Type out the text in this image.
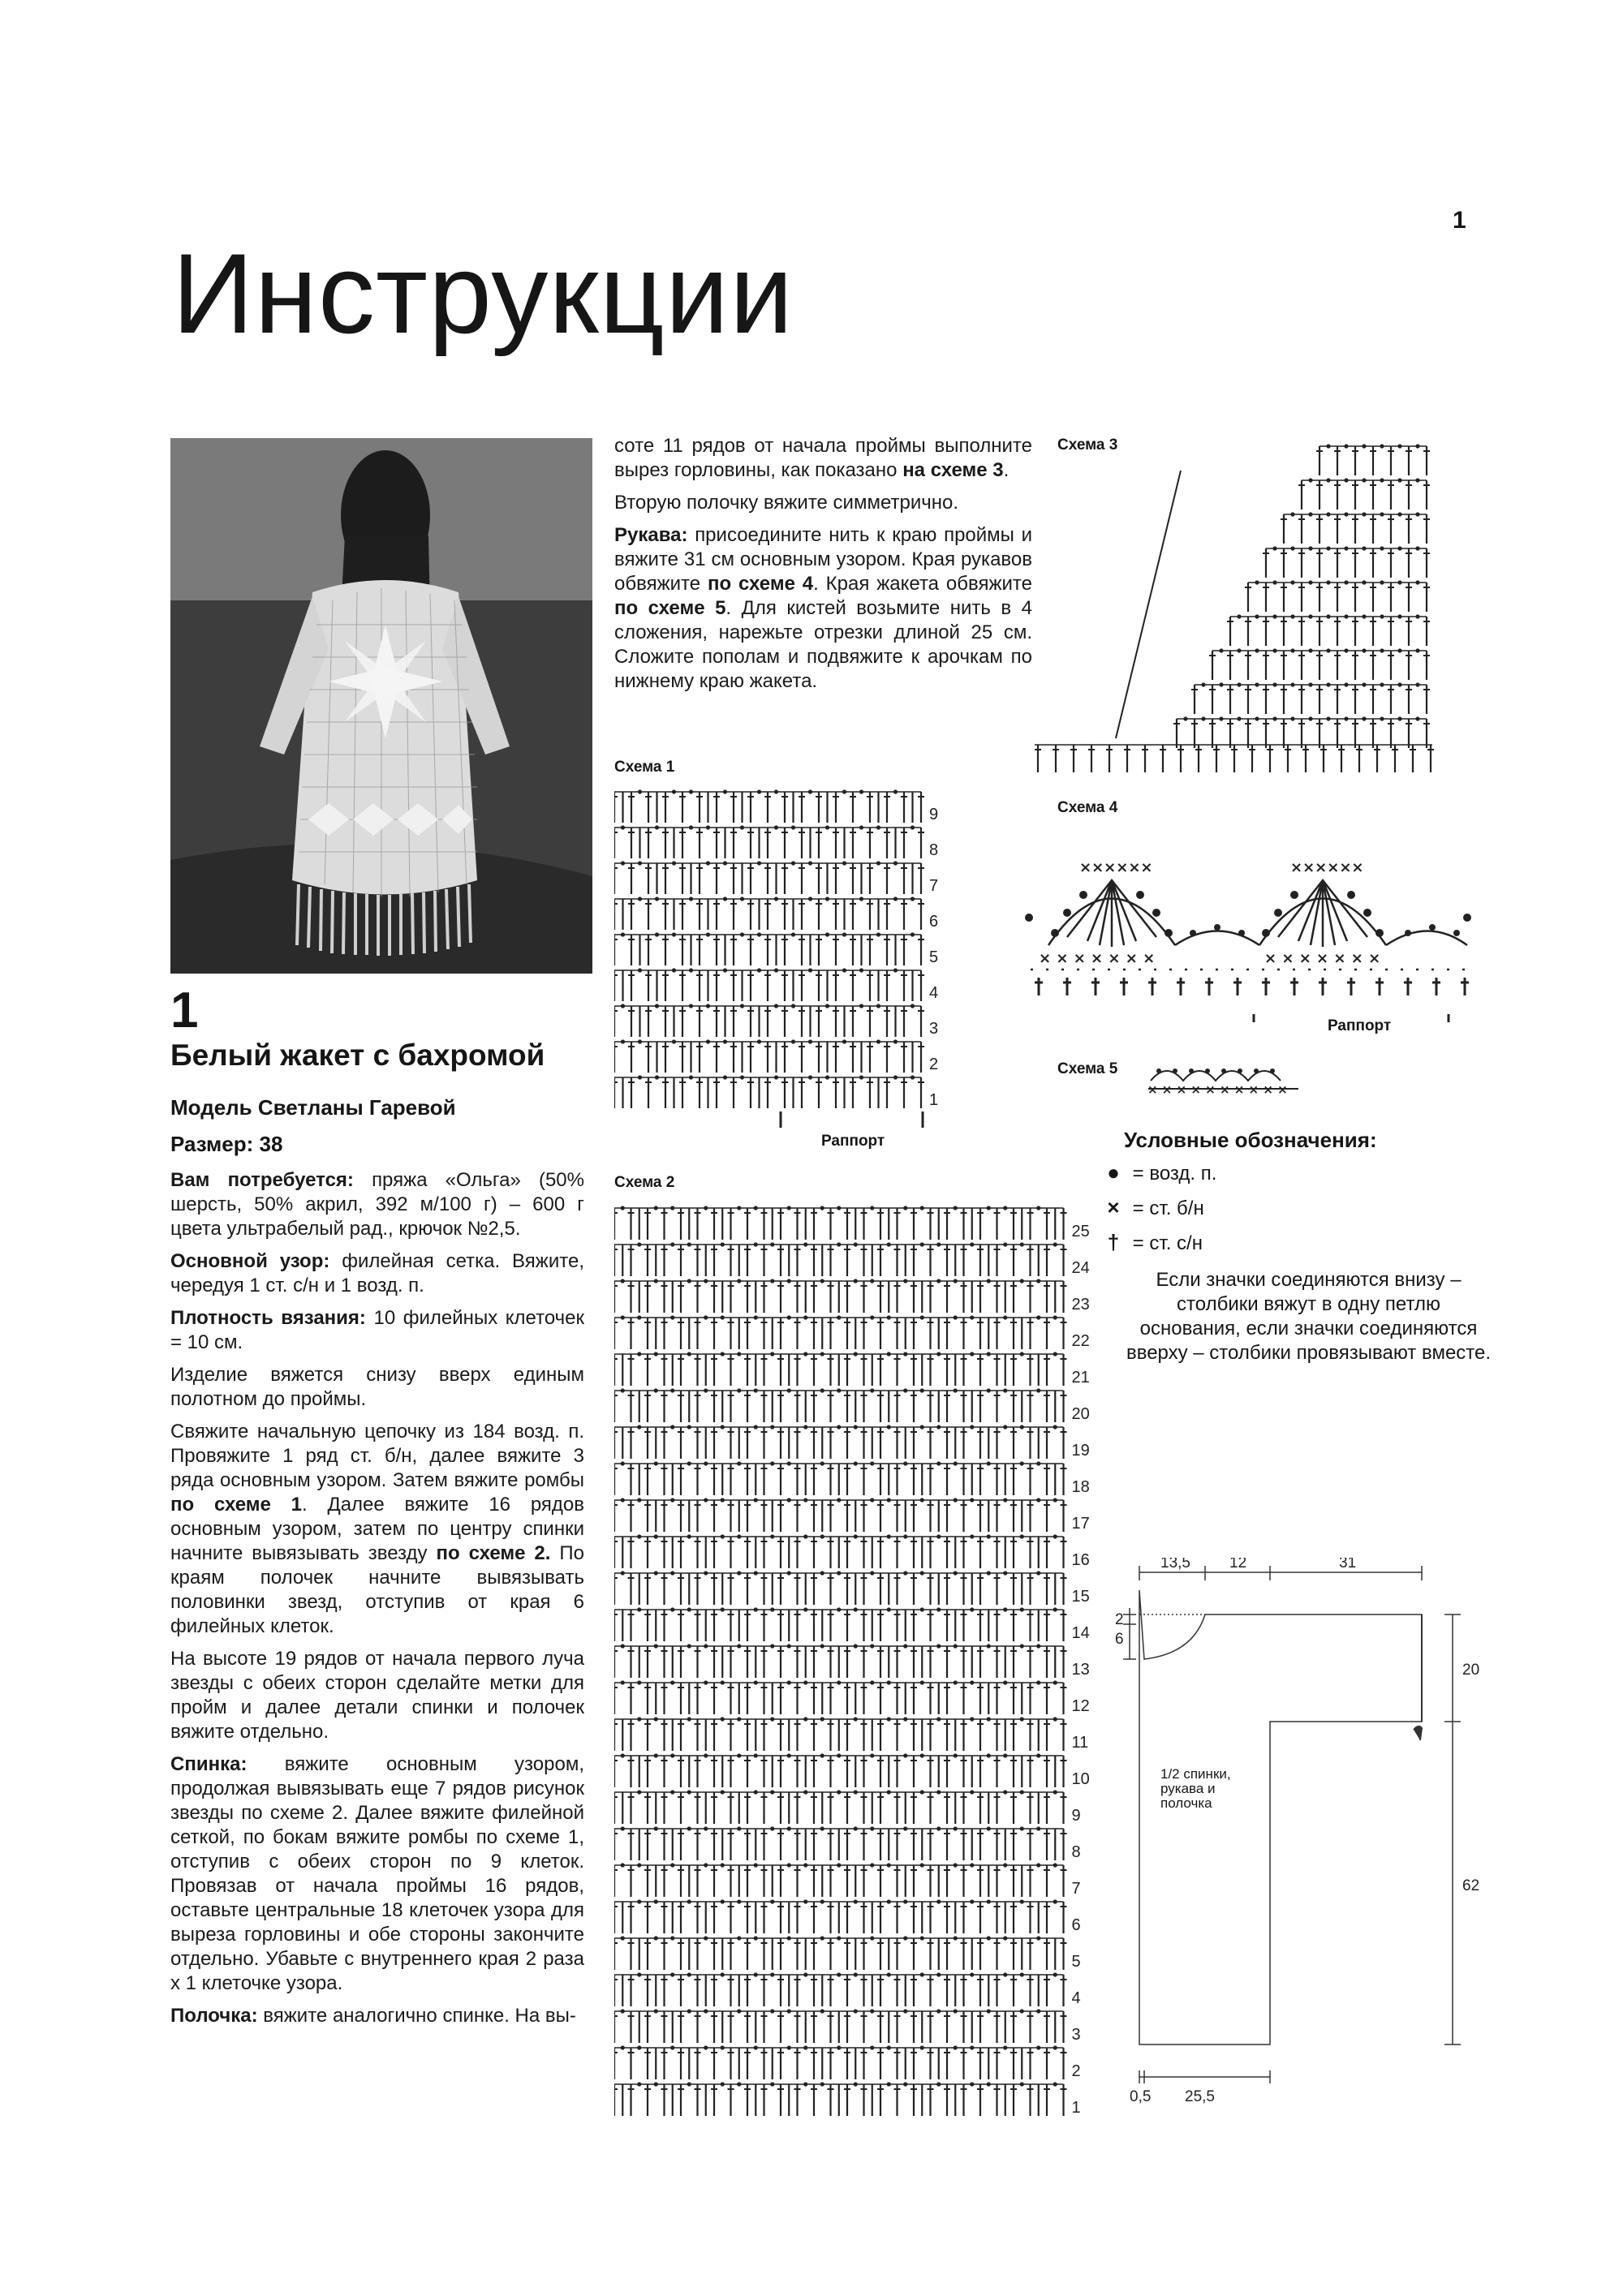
1
Инструкции
1
Белый жакет с бахромой
Модель Светланы Гаревой
Размер: 38

Вам потребуется: пряжа «Ольга» (50% шерсть, 50% акрил, 392 м/100 г) – 600 г цвета ультрабелый рад., крючок №2,5.

Основной узор: филейная сетка. Вяжите, чередуя 1 ст. с/н и 1 возд. п.

Плотность вязания: 10 филейных клеточек = 10 см.

Изделие вяжется снизу вверх единым полотном до проймы.

Свяжите начальную цепочку из 184 возд. п. Провяжите 1 ряд ст. б/н, далее вяжите 3 ряда основным узором. Затем вяжите ромбы по схеме 1. Далее вяжите 16 рядов основным узором, затем по центру спинки начните вывязывать звезду по схеме 2. По краям полочек начните вывязывать половинки звезд, отступив от края 6 филейных клеток.

На высоте 19 рядов от начала первого луча звезды с обеих сторон сделайте метки для пройм и далее детали спинки и полочек вяжите отдельно.

Спинка: вяжите основным узором, продолжая вывязывать еще 7 рядов рисунок звезды по схеме 2. Далее вяжите филейной сеткой, по бокам вяжите ромбы по схеме 1, отступив с обеих сторон по 9 клеток. Провязав от начала проймы 16 рядов, оставьте центральные 18 клеточек узора для выреза горловины и обе стороны закончите отдельно. Убавьте с внутреннего края 2 раза х 1 клеточке узора.

Полочка: вяжите аналогично спинке. На вы-

соте 11 рядов от начала проймы выполните вырез горловины, как показано на схеме 3.

Вторую полочку вяжите симметрично.

Рукава: присоедините нить к краю проймы и вяжите 31 см основным узором. Края рукавов обвяжите по схеме 4. Края жакета обвяжите по схеме 5. Для кистей возьмите нить в 4 сложения, нарежьте отрезки длиной 25 см. Сложите пополам и подвяжите к арочкам по нижнему краю жакета.

Схема 1
Схема 2
Схема 3
Схема 4
Схема 5
9
8
7
6
5
4
3
2
1
Раппорт
25
24
23
22
21
20
19
18
17
16
15
14
13
12
11
10
9
8
7
6
5
4
3
2
1
××××××	××××××
× × × × × × ×	× × × × × × ×
Раппорт
× × × × × × × × × ×
Условные обозначения:
● = возд. п.
× = ст. б/н
† = ст. с/н
Если значки соединяются внизу – столбики вяжут в одну петлю основания, если значки соединяются вверху – столбики провязывают вместе.
13,5	12	31
2
6
20
62
0,5 25,5
1/2 спинки, рукава и полочка
